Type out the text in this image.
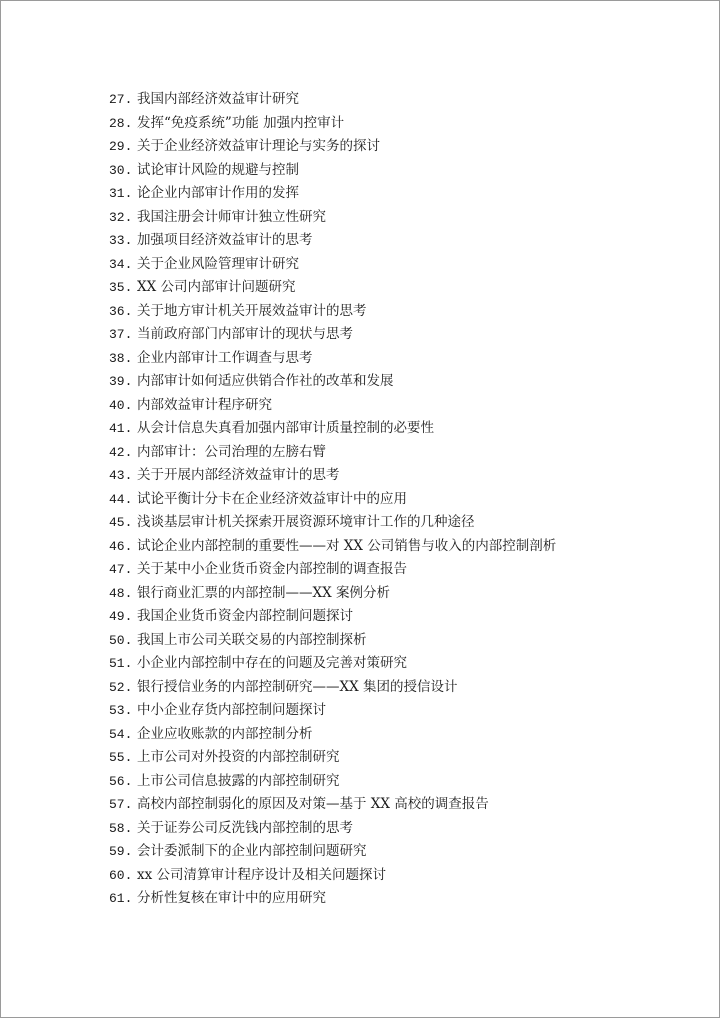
27. 我国内部经济效益审计研究
28. 发挥“免疫系统”功能 加强内控审计
29. 关于企业经济效益审计理论与实务的探讨
30. 试论审计风险的规避与控制
31. 论企业内部审计作用的发挥
32. 我国注册会计师审计独立性研究
33. 加强项目经济效益审计的思考
34. 关于企业风险管理审计研究
35. XX 公司内部审计问题研究
36. 关于地方审计机关开展效益审计的思考
37. 当前政府部门内部审计的现状与思考
38. 企业内部审计工作调查与思考
39. 内部审计如何适应供销合作社的改革和发展
40. 内部效益审计程序研究
41. 从会计信息失真看加强内部审计质量控制的必要性
42. 内部审计：公司治理的左膀右臂
43. 关于开展内部经济效益审计的思考
44. 试论平衡计分卡在企业经济效益审计中的应用
45. 浅谈基层审计机关探索开展资源环境审计工作的几种途径
46. 试论企业内部控制的重要性——对 XX 公司销售与收入的内部控制剖析
47. 关于某中小企业货币资金内部控制的调查报告
48. 银行商业汇票的内部控制——XX 案例分析
49. 我国企业货币资金内部控制问题探讨
50. 我国上市公司关联交易的内部控制探析
51. 小企业内部控制中存在的问题及完善对策研究
52. 银行授信业务的内部控制研究——XX 集团的授信设计
53. 中小企业存货内部控制问题探讨
54. 企业应收账款的内部控制分析
55. 上市公司对外投资的内部控制研究
56. 上市公司信息披露的内部控制研究
57. 高校内部控制弱化的原因及对策—基于 XX 高校的调查报告
58. 关于证券公司反洗钱内部控制的思考
59. 会计委派制下的企业内部控制问题研究
60. xx 公司清算审计程序设计及相关问题探讨
61. 分析性复核在审计中的应用研究
